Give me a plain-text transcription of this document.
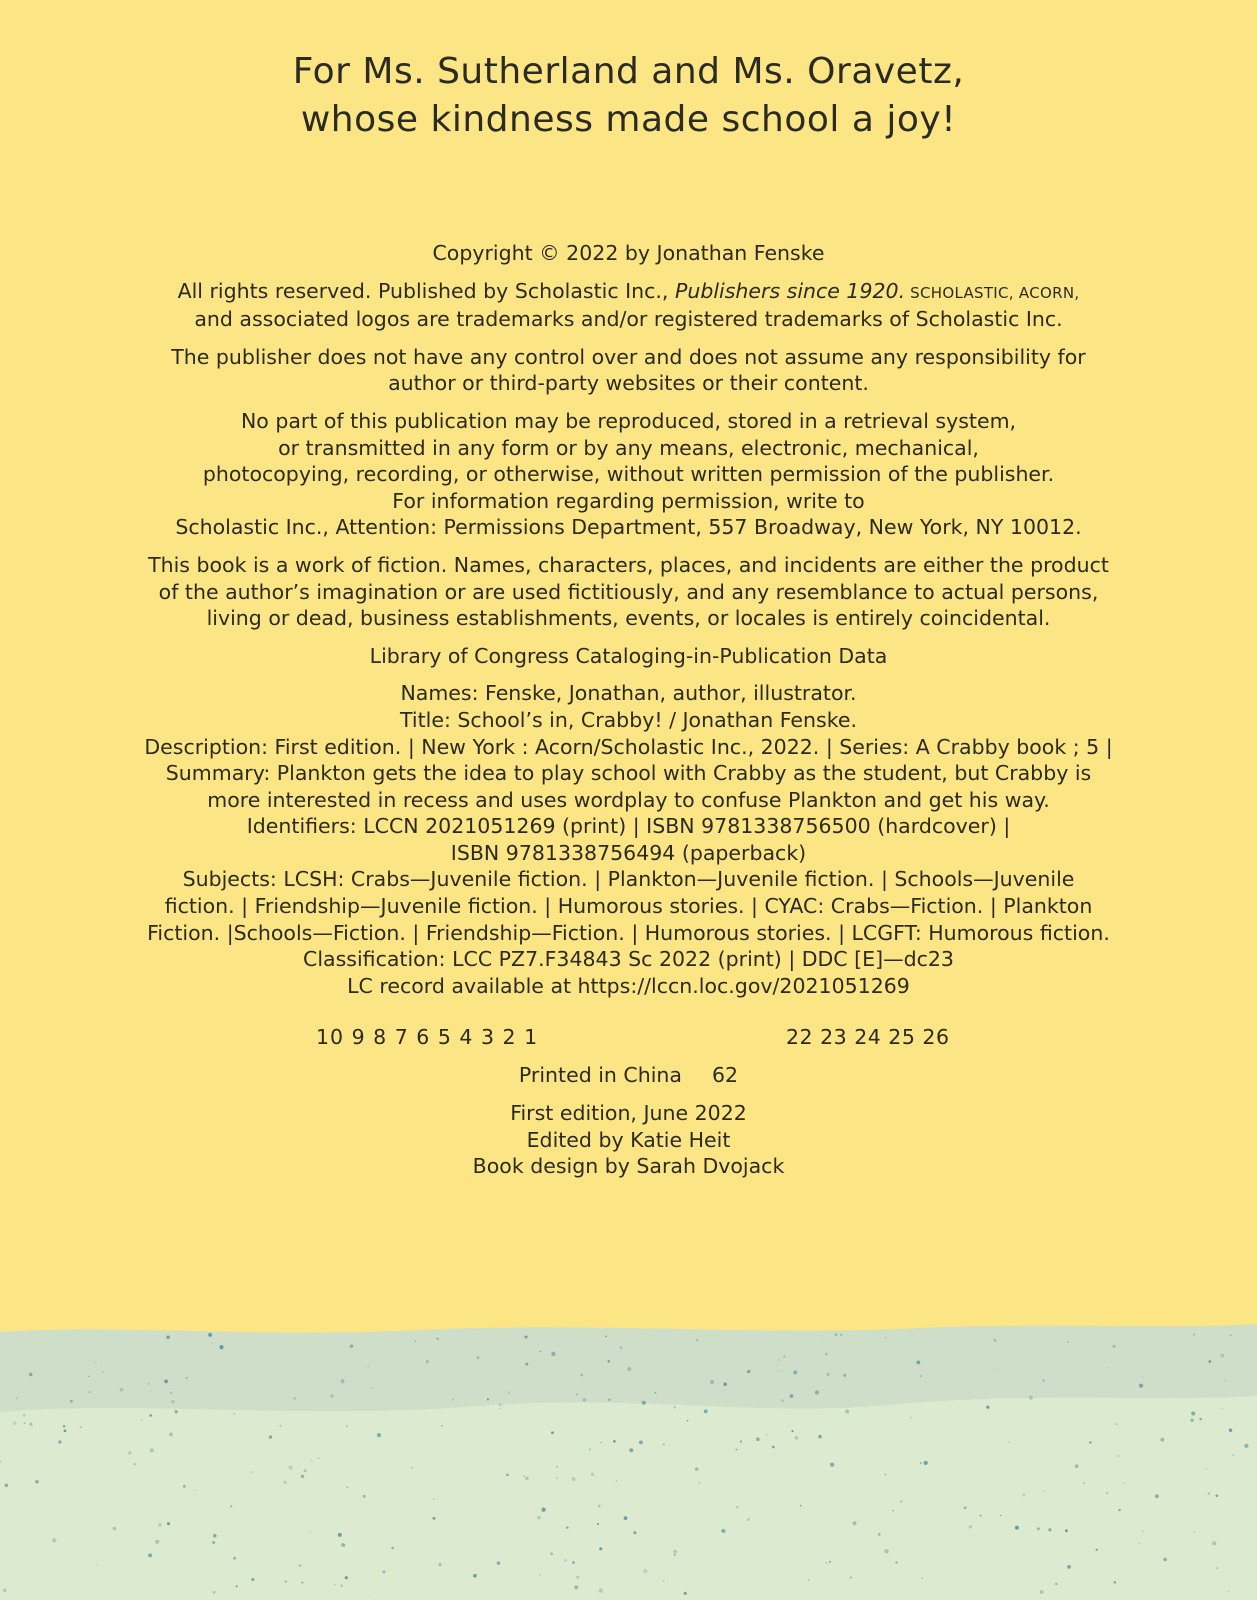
For Ms. Sutherland and Ms. Oravetz,
whose kindness made school a joy!

Copyright © 2022 by Jonathan Fenske

All rights reserved. Published by Scholastic Inc., Publishers since 1920. SCHOLASTIC, ACORN,
and associated logos are trademarks and/or registered trademarks of Scholastic Inc.

The publisher does not have any control over and does not assume any responsibility for
author or third-party websites or their content.

No part of this publication may be reproduced, stored in a retrieval system,
or transmitted in any form or by any means, electronic, mechanical,
photocopying, recording, or otherwise, without written permission of the publisher.
For information regarding permission, write to
Scholastic Inc., Attention: Permissions Department, 557 Broadway, New York, NY 10012.

This book is a work of fiction. Names, characters, places, and incidents are either the product
of the author’s imagination or are used fictitiously, and any resemblance to actual persons,
living or dead, business establishments, events, or locales is entirely coincidental.

Library of Congress Cataloging-in-Publication Data

Names: Fenske, Jonathan, author, illustrator.
Title: School’s in, Crabby! / Jonathan Fenske.
Description: First edition. | New York : Acorn/Scholastic Inc., 2022. | Series: A Crabby book ; 5 |
Summary: Plankton gets the idea to play school with Crabby as the student, but Crabby is
more interested in recess and uses wordplay to confuse Plankton and get his way.
Identifiers: LCCN 2021051269 (print) | ISBN 9781338756500 (hardcover) |
ISBN 9781338756494 (paperback)
Subjects: LCSH: Crabs—Juvenile fiction. | Plankton—Juvenile fiction. | Schools—Juvenile
fiction. | Friendship—Juvenile fiction. | Humorous stories. | CYAC: Crabs—Fiction. | Plankton
Fiction. |Schools—Fiction. | Friendship—Fiction. | Humorous stories. | LCGFT: Humorous fiction.
Classification: LCC PZ7.F34843 Sc 2022 (print) | DDC [E]—dc23
LC record available at https://lccn.loc.gov/2021051269

10 9 8 7 6 5 4 3 2 1	22 23 24 25 26

Printed in China 62

First edition, June 2022
Edited by Katie Heit
Book design by Sarah Dvojack
